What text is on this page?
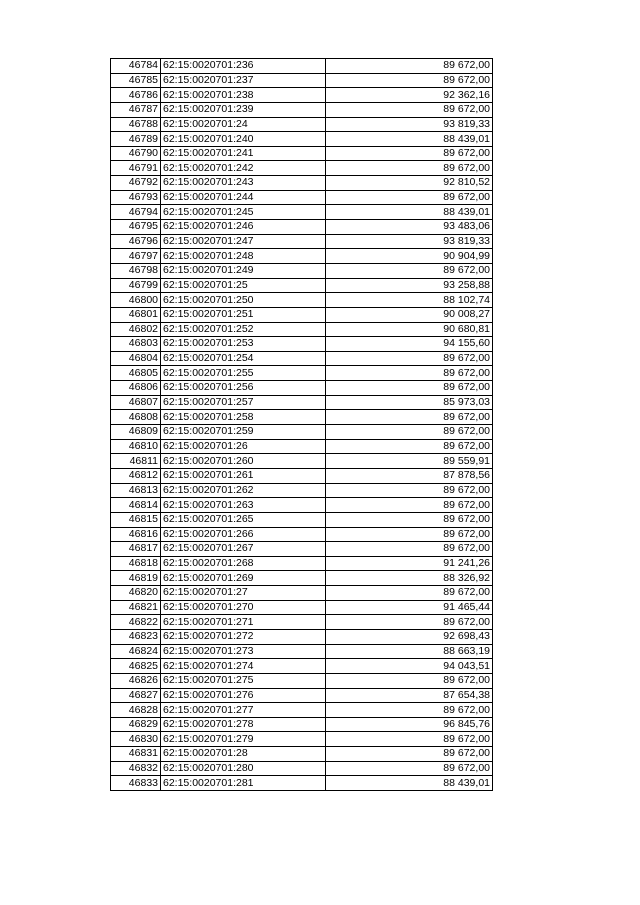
46784	62:15:0020701:236	89 672,00
46785	62:15:0020701:237	89 672,00
46786	62:15:0020701:238	92 362,16
46787	62:15:0020701:239	89 672,00
46788	62:15:0020701:24	93 819,33
46789	62:15:0020701:240	88 439,01
46790	62:15:0020701:241	89 672,00
46791	62:15:0020701:242	89 672,00
46792	62:15:0020701:243	92 810,52
46793	62:15:0020701:244	89 672,00
46794	62:15:0020701:245	88 439,01
46795	62:15:0020701:246	93 483,06
46796	62:15:0020701:247	93 819,33
46797	62:15:0020701:248	90 904,99
46798	62:15:0020701:249	89 672,00
46799	62:15:0020701:25	93 258,88
46800	62:15:0020701:250	88 102,74
46801	62:15:0020701:251	90 008,27
46802	62:15:0020701:252	90 680,81
46803	62:15:0020701:253	94 155,60
46804	62:15:0020701:254	89 672,00
46805	62:15:0020701:255	89 672,00
46806	62:15:0020701:256	89 672,00
46807	62:15:0020701:257	85 973,03
46808	62:15:0020701:258	89 672,00
46809	62:15:0020701:259	89 672,00
46810	62:15:0020701:26	89 672,00
46811	62:15:0020701:260	89 559,91
46812	62:15:0020701:261	87 878,56
46813	62:15:0020701:262	89 672,00
46814	62:15:0020701:263	89 672,00
46815	62:15:0020701:265	89 672,00
46816	62:15:0020701:266	89 672,00
46817	62:15:0020701:267	89 672,00
46818	62:15:0020701:268	91 241,26
46819	62:15:0020701:269	88 326,92
46820	62:15:0020701:27	89 672,00
46821	62:15:0020701:270	91 465,44
46822	62:15:0020701:271	89 672,00
46823	62:15:0020701:272	92 698,43
46824	62:15:0020701:273	88 663,19
46825	62:15:0020701:274	94 043,51
46826	62:15:0020701:275	89 672,00
46827	62:15:0020701:276	87 654,38
46828	62:15:0020701:277	89 672,00
46829	62:15:0020701:278	96 845,76
46830	62:15:0020701:279	89 672,00
46831	62:15:0020701:28	89 672,00
46832	62:15:0020701:280	89 672,00
46833	62:15:0020701:281	88 439,01
